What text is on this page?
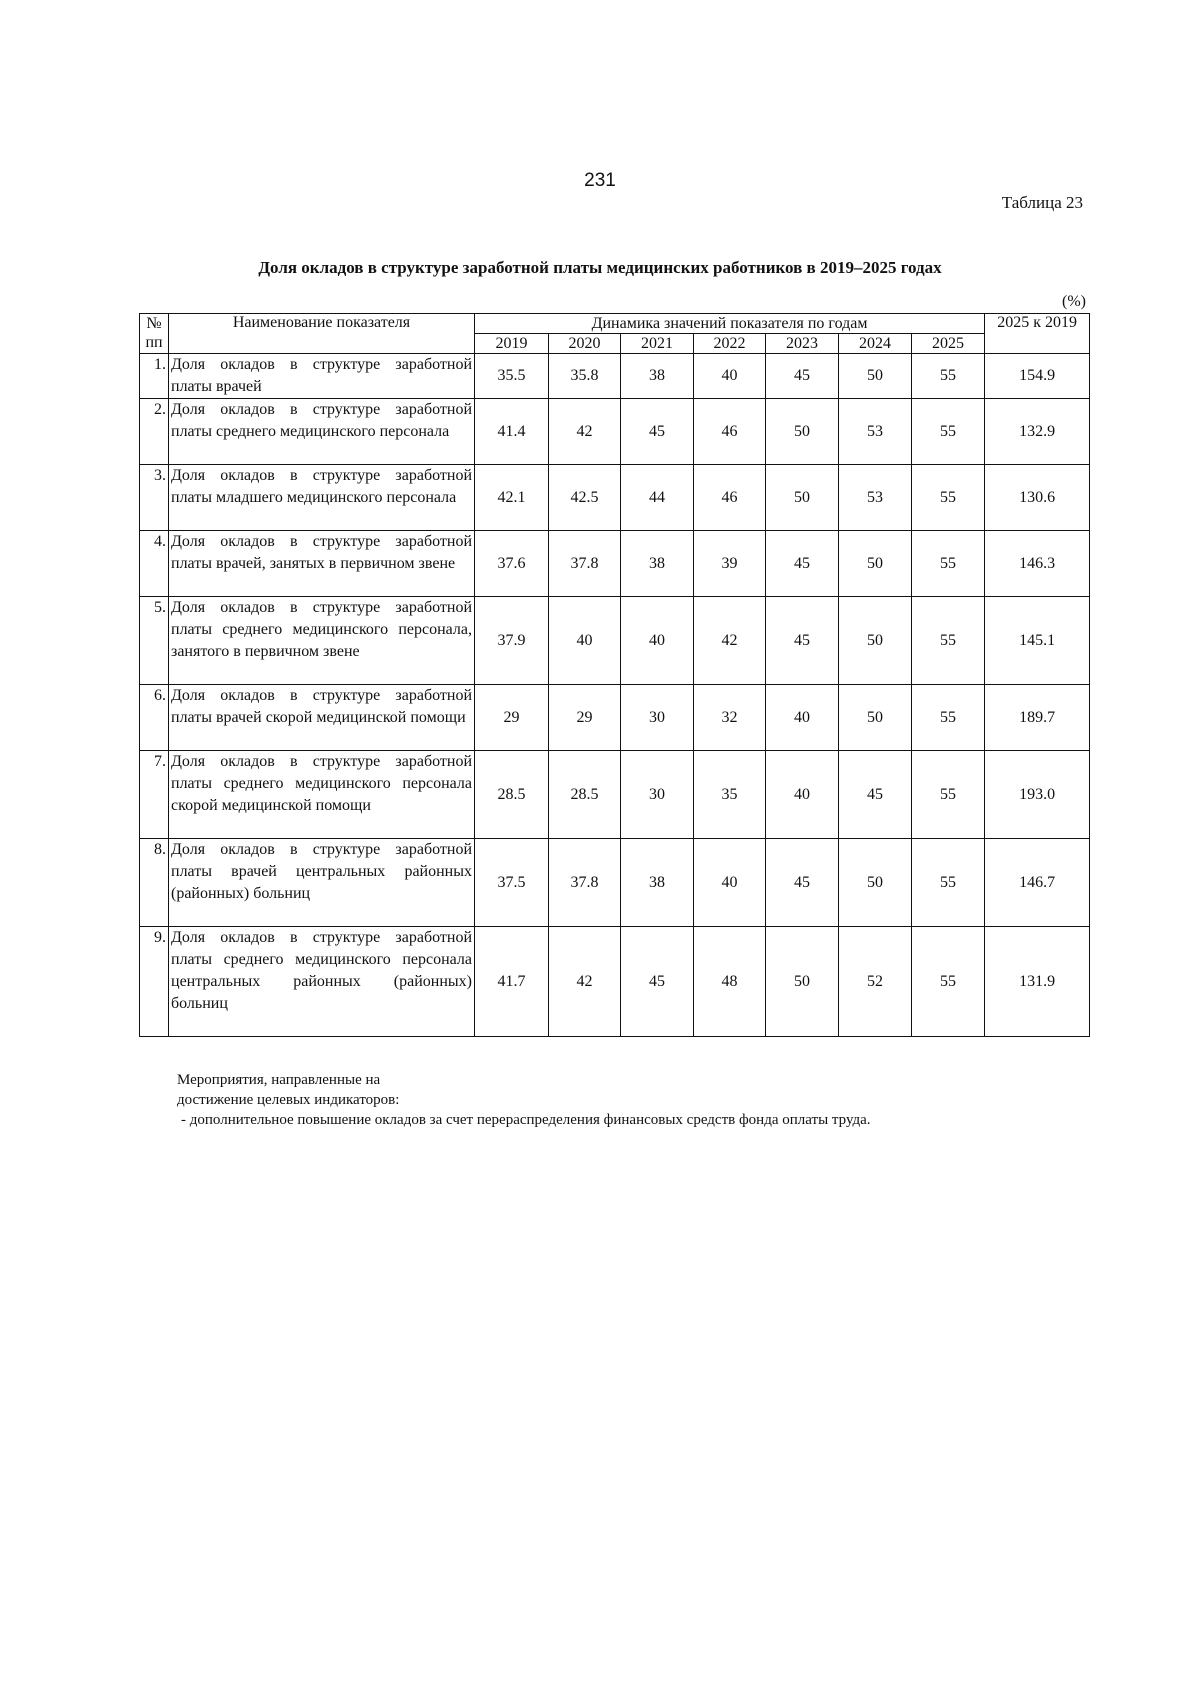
231
Таблица 23
Доля окладов в структуре заработной платы медицинских работников в 2019–2025 годах
(%)
№	Наименование показателя	Динамика значений показателя по годам							2025 к 2019
пп		2019	2020	2021	2022	2023	2024	2025	
1.	Доля окладов в структуре заработной платы врачей	35.5	35.8	38	40	45	50	55	154.9
2.	Доля окладов в структуре заработной платы среднего медицинского персонала	41.4	42	45	46	50	53	55	132.9
3.	Доля окладов в структуре заработной платы младшего медицинского персонала	42.1	42.5	44	46	50	53	55	130.6
4.	Доля окладов в структуре заработной платы врачей, занятых в первичном звене	37.6	37.8	38	39	45	50	55	146.3
5.	Доля окладов в структуре заработной платы среднего медицинского персонала, занятого в первичном звене	37.9	40	40	42	45	50	55	145.1
6.	Доля окладов в структуре заработной платы врачей скорой медицинской помощи	29	29	30	32	40	50	55	189.7
7.	Доля окладов в структуре заработной платы среднего медицинского персонала скорой медицинской помощи	28.5	28.5	30	35	40	45	55	193.0
8.	Доля окладов в структуре заработной платы врачей центральных районных (районных) больниц	37.5	37.8	38	40	45	50	55	146.7
9.	Доля окладов в структуре заработной платы среднего медицинского персонала центральных районных (районных) больниц	41.7	42	45	48	50	52	55	131.9
Мероприятия, направленные на
достижение целевых индикаторов:
- дополнительное повышение окладов за счет перераспределения финансовых средств фонда оплаты труда.
